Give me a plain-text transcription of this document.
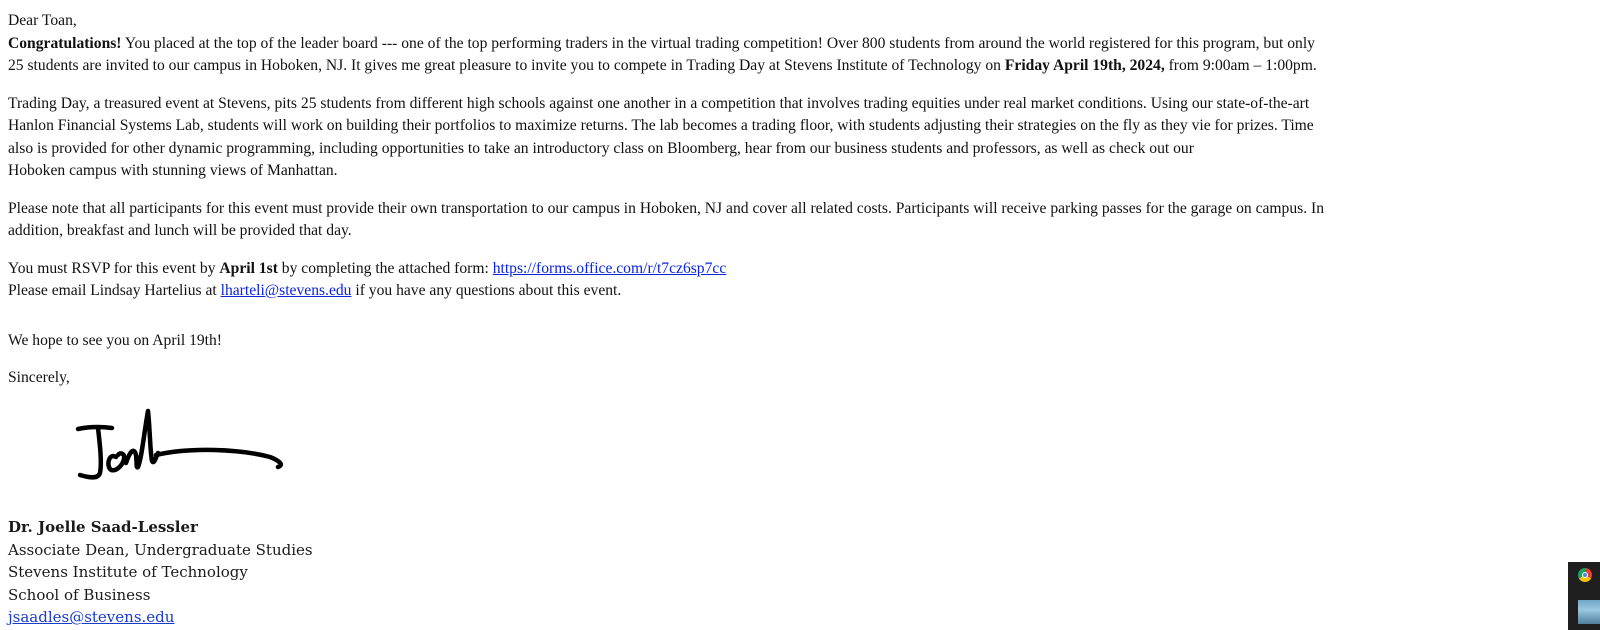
Dear Toan,
Congratulations! You placed at the top of the leader board --- one of the top performing traders in the virtual trading competition! Over 800 students from around the world registered for this program, but only
25 students are invited to our campus in Hoboken, NJ. It gives me great pleasure to invite you to compete in Trading Day at Stevens Institute of Technology on Friday April 19th, 2024, from 9:00am – 1:00pm.
Trading Day, a treasured event at Stevens, pits 25 students from different high schools against one another in a competition that involves trading equities under real market conditions. Using our state-of-the-art
Hanlon Financial Systems Lab, students will work on building their portfolios to maximize returns. The lab becomes a trading floor, with students adjusting their strategies on the fly as they vie for prizes. Time
also is provided for other dynamic programming, including opportunities to take an introductory class on Bloomberg, hear from our business students and professors, as well as check out our
Hoboken campus with stunning views of Manhattan.
Please note that all participants for this event must provide their own transportation to our campus in Hoboken, NJ and cover all related costs. Participants will receive parking passes for the garage on campus. In
addition, breakfast and lunch will be provided that day.
You must RSVP for this event by April 1st by completing the attached form: https://forms.office.com/r/t7cz6sp7cc
Please email Lindsay Hartelius at lharteli@stevens.edu if you have any questions about this event.
We hope to see you on April 19th!
Sincerely,
Dr. Joelle Saad-Lessler
Associate Dean, Undergraduate Studies
Stevens Institute of Technology
School of Business
jsaadles@stevens.edu
